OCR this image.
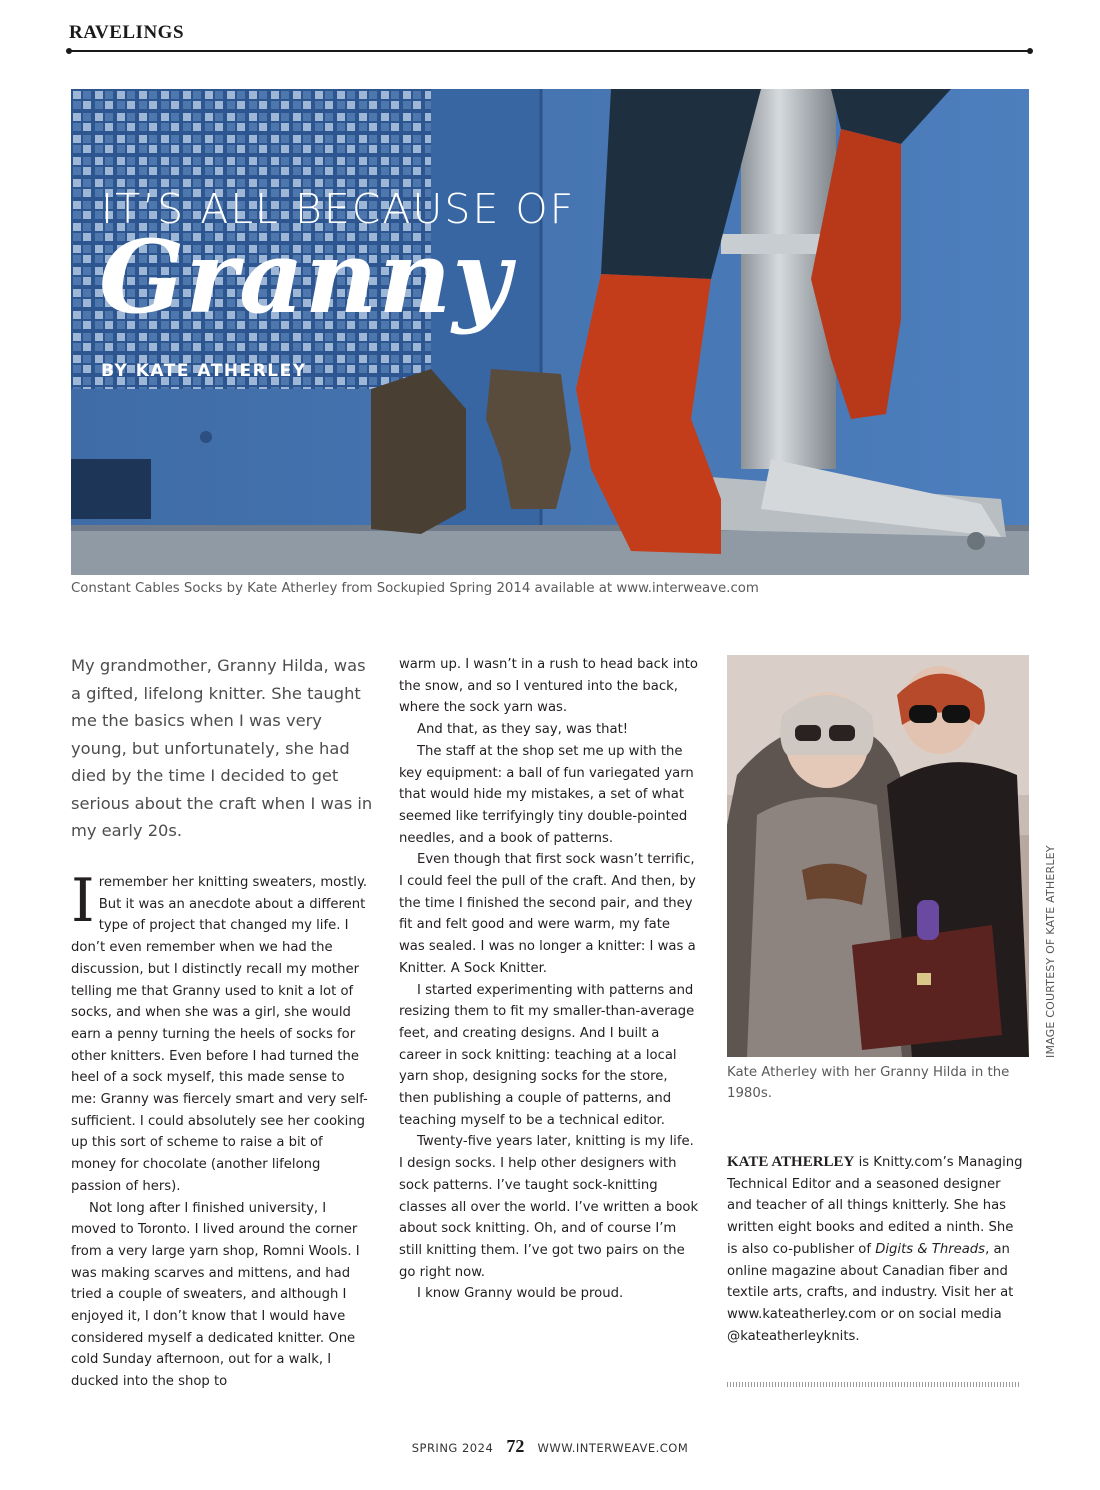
RAVELINGS
IT’S ALL BECAUSE OF
Granny
BY KATE ATHERLEY
Constant Cables Socks by Kate Atherley from Sockupied Spring 2014 available at www.interweave.com
My grandmother, Granny Hilda, was a gifted, lifelong knitter. She taught me the basics when I was very young, but unfortunately, she had died by the time I decided to get serious about the craft when I was in my early 20s.

Iremember her knitting sweaters, mostly. But it was an anecdote about a different type of project that changed my life. I don’t even remember when we had the discussion, but I distinctly recall my mother telling me that Granny used to knit a lot of socks, and when she was a girl, she would earn a penny turning the heels of socks for other knitters. Even before I had turned the heel of a sock myself, this made sense to me: Granny was fiercely smart and very self-sufficient. I could absolutely see her cooking up this sort of scheme to raise a bit of money for chocolate (another lifelong passion of hers).

Not long after I finished university, I moved to Toronto. I lived around the corner from a very large yarn shop, Romni Wools. I was making scarves and mittens, and had tried a couple of sweaters, and although I enjoyed it, I don’t know that I would have considered myself a dedicated knitter. One cold Sunday afternoon, out for a walk, I ducked into the shop to

warm up. I wasn’t in a rush to head back into the snow, and so I ventured into the back, where the sock yarn was.

And that, as they say, was that!

The staff at the shop set me up with the key equipment: a ball of fun variegated yarn that would hide my mistakes, a set of what seemed like terrifyingly tiny double-pointed needles, and a book of patterns.

Even though that first sock wasn’t terrific, I could feel the pull of the craft. And then, by the time I finished the second pair, and they fit and felt good and were warm, my fate was sealed. I was no longer a knitter: I was a Knitter. A Sock Knitter.

I started experimenting with patterns and resizing them to fit my smaller-than-average feet, and creating designs. And I built a career in sock knitting: teaching at a local yarn shop, designing socks for the store, then publishing a couple of patterns, and teaching myself to be a technical editor.

Twenty-five years later, knitting is my life. I design socks. I help other designers with sock patterns. I’ve taught sock-knitting classes all over the world. I’ve written a book about sock knitting. Oh, and of course I’m still knitting them. I’ve got two pairs on the go right now.

I know Granny would be proud.

IMAGE COURTESY OF KATE ATHERLEY
Kate Atherley with her Granny Hilda in the 1980s.
KATE ATHERLEY is Knitty.com’s Managing Technical Editor and a seasoned designer and teacher of all things knitterly. She has written eight books and edited a ninth. She is also co-publisher of Digits & Threads, an online magazine about Canadian fiber and textile arts, crafts, and industry. Visit her at www.kateatherley.com or on social media @kateatherleyknits.
SPRING 2024 72 WWW.INTERWEAVE.COM
